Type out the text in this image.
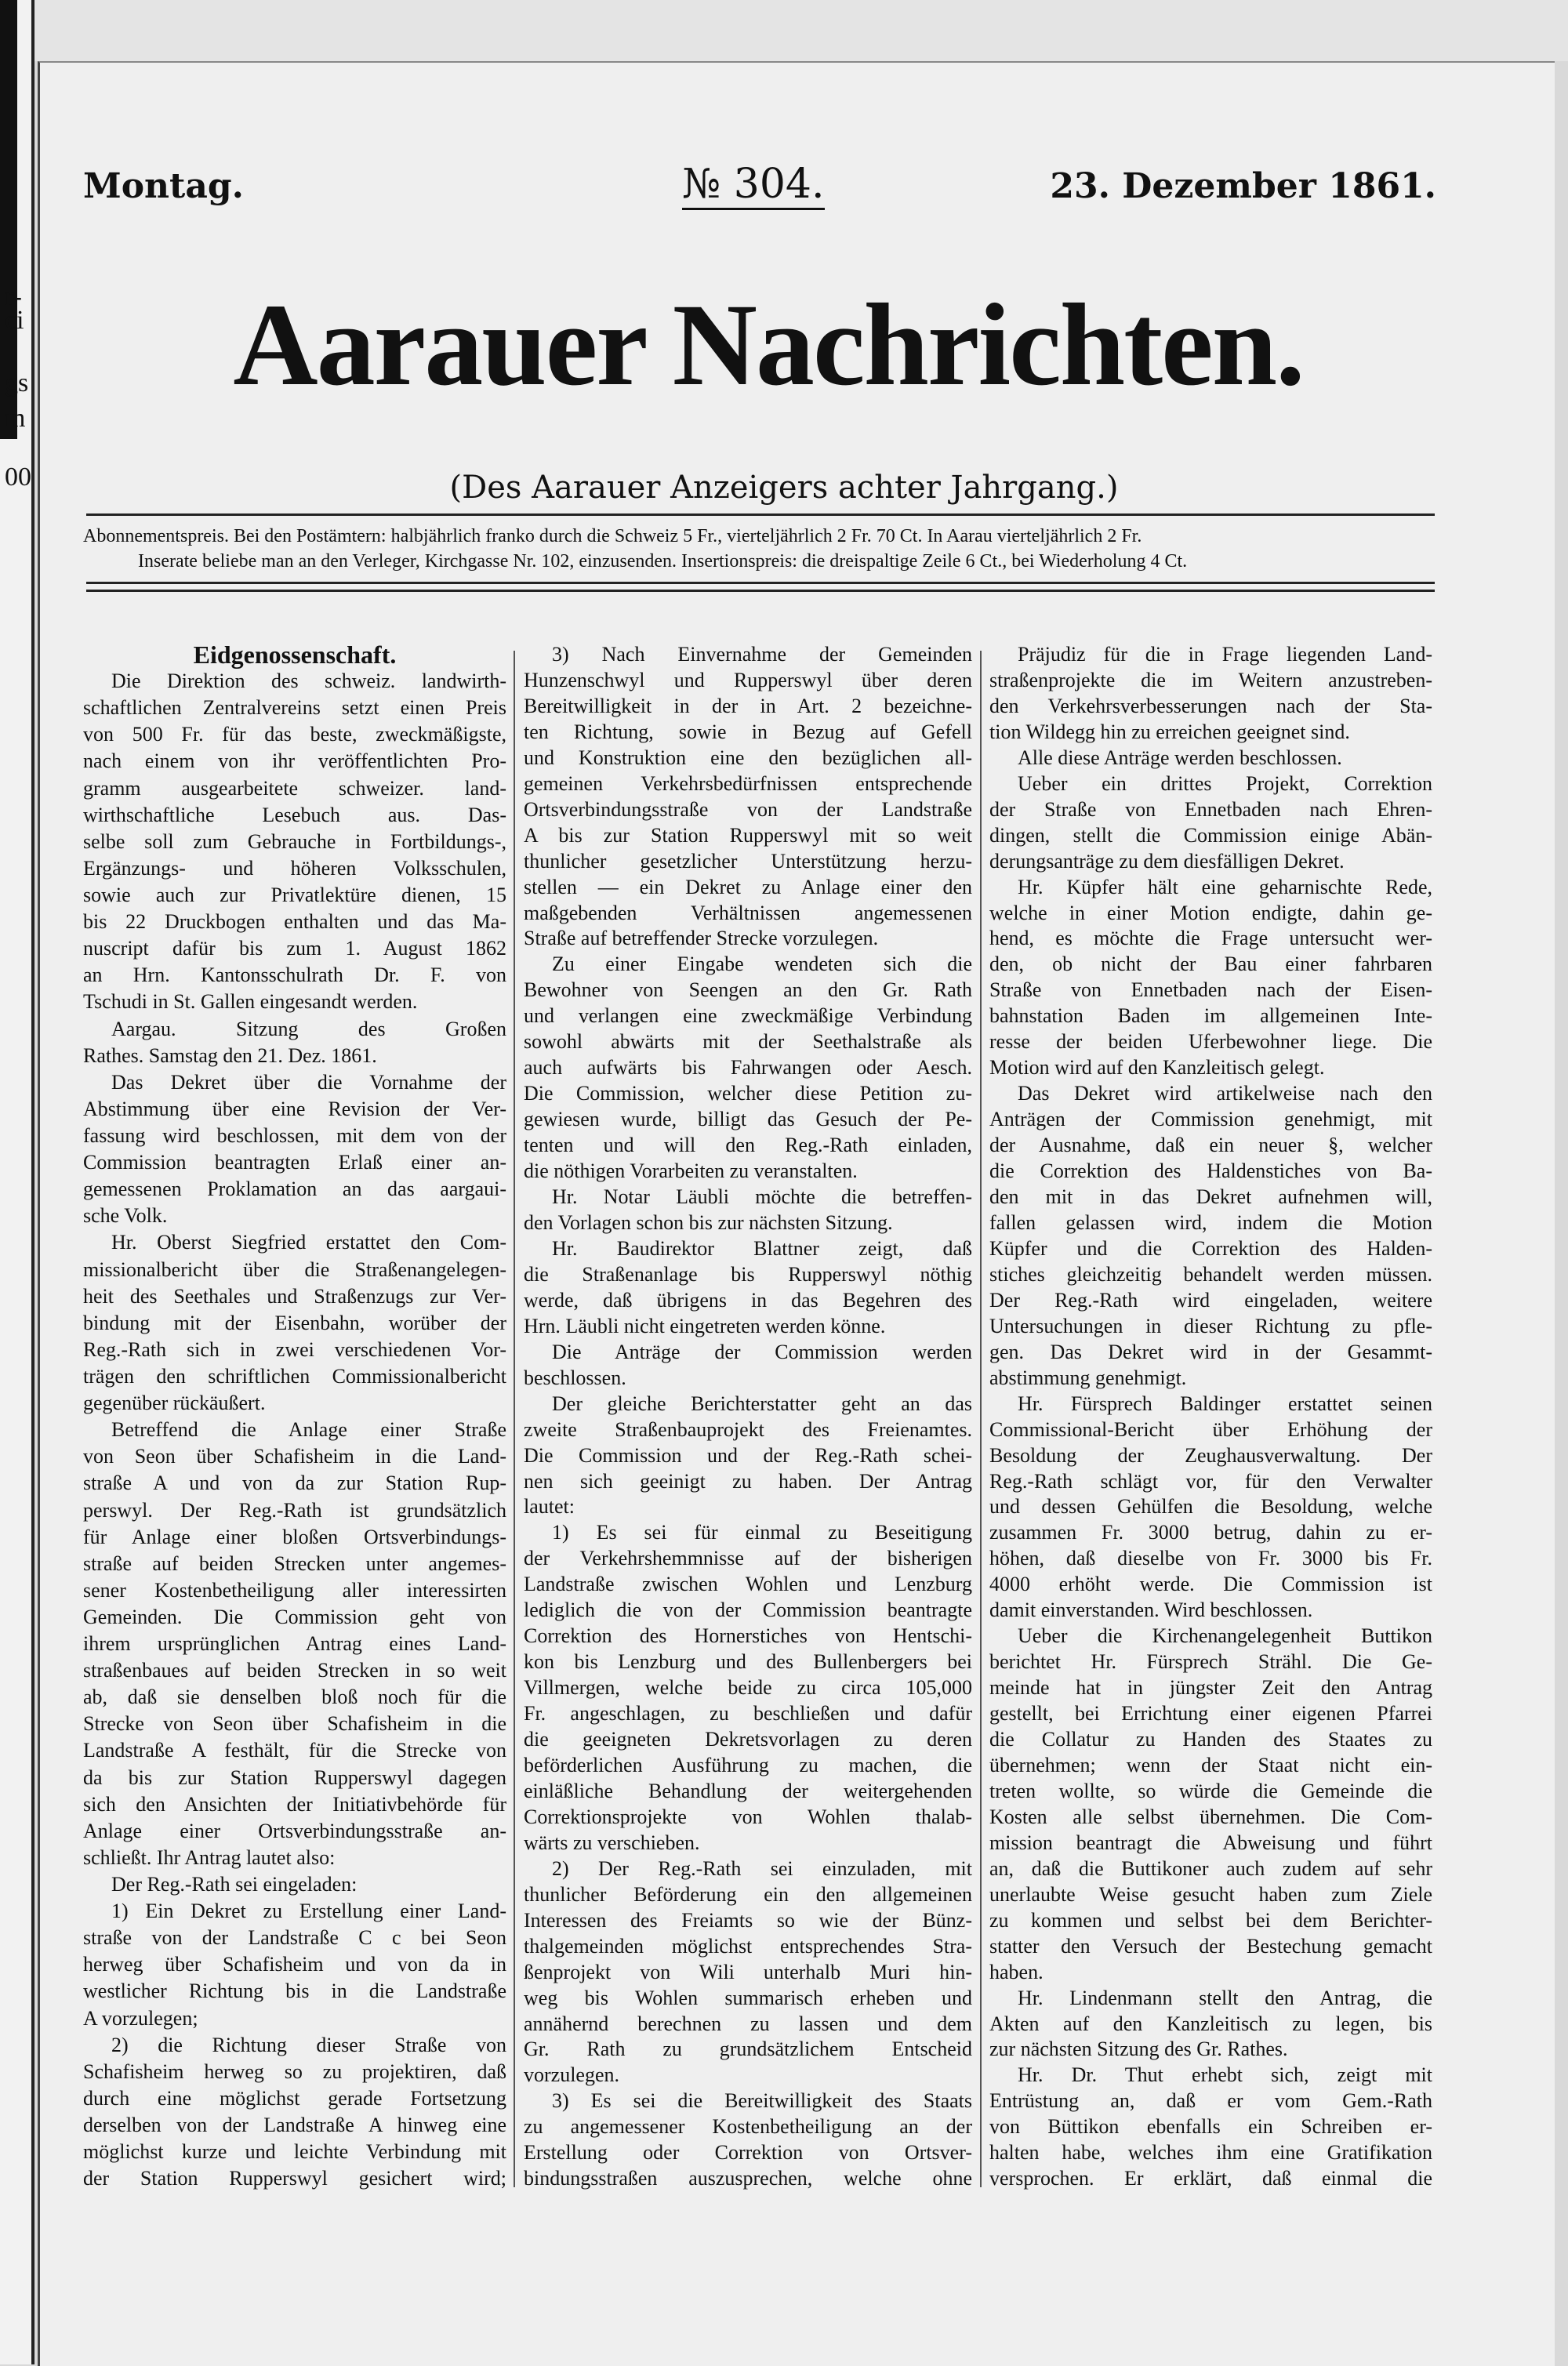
r-
ei
gs
m
00
Montag.	№ 304.	23. Dezember 1861.
Aarauer Nachrichten.
(Des Aarauer Anzeigers achter Jahrgang.)
Abonnementspreis. Bei den Postämtern: halbjährlich franko durch die Schweiz 5 Fr., vierteljährlich 2 Fr. 70 Ct. In Aarau vierteljährlich 2 Fr.
Inserate beliebe man an den Verleger, Kirchgasse Nr. 102, einzusenden. Insertionspreis: die dreispaltige Zeile 6 Ct., bei Wiederholung 4 Ct.
Eidgenossenschaft.
Die Direktion des schweiz. landwirth-
schaftlichen Zentralvereins setzt einen Preis
von 500 Fr. für das beste, zweckmäßigste,
nach einem von ihr veröffentlichten Pro-
gramm ausgearbeitete schweizer. land-
wirthschaftliche Lesebuch aus. Das-
selbe soll zum Gebrauche in Fortbildungs-,
Ergänzungs- und höheren Volksschulen,
sowie auch zur Privatlektüre dienen, 15
bis 22 Druckbogen enthalten und das Ma-
nuscript dafür bis zum 1. August 1862
an Hrn. Kantonsschulrath Dr. F. von
Tschudi in St. Gallen eingesandt werden.
Aargau. Sitzung des Großen
Rathes. Samstag den 21. Dez. 1861.
Das Dekret über die Vornahme der
Abstimmung über eine Revision der Ver-
fassung wird beschlossen, mit dem von der
Commission beantragten Erlaß einer an-
gemessenen Proklamation an das aargaui-
sche Volk.
Hr. Oberst Siegfried erstattet den Com-
missionalbericht über die Straßenangelegen-
heit des Seethales und Straßenzugs zur Ver-
bindung mit der Eisenbahn, worüber der
Reg.-Rath sich in zwei verschiedenen Vor-
trägen den schriftlichen Commissionalbericht
gegenüber rückäußert.
Betreffend die Anlage einer Straße
von Seon über Schafisheim in die Land-
straße A und von da zur Station Rup-
perswyl. Der Reg.-Rath ist grundsätzlich
für Anlage einer bloßen Ortsverbindungs-
straße auf beiden Strecken unter angemes-
sener Kostenbetheiligung aller interessirten
Gemeinden. Die Commission geht von
ihrem ursprünglichen Antrag eines Land-
straßenbaues auf beiden Strecken in so weit
ab, daß sie denselben bloß noch für die
Strecke von Seon über Schafisheim in die
Landstraße A festhält, für die Strecke von
da bis zur Station Rupperswyl dagegen
sich den Ansichten der Initiativbehörde für
Anlage einer Ortsverbindungsstraße an-
schließt. Ihr Antrag lautet also:
Der Reg.-Rath sei eingeladen:
1) Ein Dekret zu Erstellung einer Land-
straße von der Landstraße C c bei Seon
herweg über Schafisheim und von da in
westlicher Richtung bis in die Landstraße
A vorzulegen;
2) die Richtung dieser Straße von
Schafisheim herweg so zu projektiren, daß
durch eine möglichst gerade Fortsetzung
derselben von der Landstraße A hinweg eine
möglichst kurze und leichte Verbindung mit
der Station Rupperswyl gesichert wird;
3) Nach Einvernahme der Gemeinden
Hunzenschwyl und Rupperswyl über deren
Bereitwilligkeit in der in Art. 2 bezeichne-
ten Richtung, sowie in Bezug auf Gefell
und Konstruktion eine den bezüglichen all-
gemeinen Verkehrsbedürfnissen entsprechende
Ortsverbindungsstraße von der Landstraße
A bis zur Station Rupperswyl mit so weit
thunlicher gesetzlicher Unterstützung herzu-
stellen — ein Dekret zu Anlage einer den
maßgebenden Verhältnissen angemessenen
Straße auf betreffender Strecke vorzulegen.
Zu einer Eingabe wendeten sich die
Bewohner von Seengen an den Gr. Rath
und verlangen eine zweckmäßige Verbindung
sowohl abwärts mit der Seethalstraße als
auch aufwärts bis Fahrwangen oder Aesch.
Die Commission, welcher diese Petition zu-
gewiesen wurde, billigt das Gesuch der Pe-
tenten und will den Reg.-Rath einladen,
die nöthigen Vorarbeiten zu veranstalten.
Hr. Notar Läubli möchte die betreffen-
den Vorlagen schon bis zur nächsten Sitzung.
Hr. Baudirektor Blattner zeigt, daß
die Straßenanlage bis Rupperswyl nöthig
werde, daß übrigens in das Begehren des
Hrn. Läubli nicht eingetreten werden könne.
Die Anträge der Commission werden
beschlossen.
Der gleiche Berichterstatter geht an das
zweite Straßenbauprojekt des Freienamtes.
Die Commission und der Reg.-Rath schei-
nen sich geeinigt zu haben. Der Antrag
lautet:
1) Es sei für einmal zu Beseitigung
der Verkehrshemmnisse auf der bisherigen
Landstraße zwischen Wohlen und Lenzburg
lediglich die von der Commission beantragte
Correktion des Hornerstiches von Hentschi-
kon bis Lenzburg und des Bullenbergers bei
Villmergen, welche beide zu circa 105,000
Fr. angeschlagen, zu beschließen und dafür
die geeigneten Dekretsvorlagen zu deren
beförderlichen Ausführung zu machen, die
einläßliche Behandlung der weitergehenden
Correktionsprojekte von Wohlen thalab-
wärts zu verschieben.
2) Der Reg.-Rath sei einzuladen, mit
thunlicher Beförderung ein den allgemeinen
Interessen des Freiamts so wie der Bünz-
thalgemeinden möglichst entsprechendes Stra-
ßenprojekt von Wili unterhalb Muri hin-
weg bis Wohlen summarisch erheben und
annähernd berechnen zu lassen und dem
Gr. Rath zu grundsätzlichem Entscheid
vorzulegen.
3) Es sei die Bereitwilligkeit des Staats
zu angemessener Kostenbetheiligung an der
Erstellung oder Correktion von Ortsver-
bindungsstraßen auszusprechen, welche ohne
Präjudiz für die in Frage liegenden Land-
straßenprojekte die im Weitern anzustreben-
den Verkehrsverbesserungen nach der Sta-
tion Wildegg hin zu erreichen geeignet sind.
Alle diese Anträge werden beschlossen.
Ueber ein drittes Projekt, Correktion
der Straße von Ennetbaden nach Ehren-
dingen, stellt die Commission einige Abän-
derungsanträge zu dem diesfälligen Dekret.
Hr. Küpfer hält eine geharnischte Rede,
welche in einer Motion endigte, dahin ge-
hend, es möchte die Frage untersucht wer-
den, ob nicht der Bau einer fahrbaren
Straße von Ennetbaden nach der Eisen-
bahnstation Baden im allgemeinen Inte-
resse der beiden Uferbewohner liege. Die
Motion wird auf den Kanzleitisch gelegt.
Das Dekret wird artikelweise nach den
Anträgen der Commission genehmigt, mit
der Ausnahme, daß ein neuer §, welcher
die Correktion des Haldenstiches von Ba-
den mit in das Dekret aufnehmen will,
fallen gelassen wird, indem die Motion
Küpfer und die Correktion des Halden-
stiches gleichzeitig behandelt werden müssen.
Der Reg.-Rath wird eingeladen, weitere
Untersuchungen in dieser Richtung zu pfle-
gen. Das Dekret wird in der Gesammt-
abstimmung genehmigt.
Hr. Fürsprech Baldinger erstattet seinen
Commissional-Bericht über Erhöhung der
Besoldung der Zeughausverwaltung. Der
Reg.-Rath schlägt vor, für den Verwalter
und dessen Gehülfen die Besoldung, welche
zusammen Fr. 3000 betrug, dahin zu er-
höhen, daß dieselbe von Fr. 3000 bis Fr.
4000 erhöht werde. Die Commission ist
damit einverstanden. Wird beschlossen.
Ueber die Kirchenangelegenheit Buttikon
berichtet Hr. Fürsprech Strähl. Die Ge-
meinde hat in jüngster Zeit den Antrag
gestellt, bei Errichtung einer eigenen Pfarrei
die Collatur zu Handen des Staates zu
übernehmen; wenn der Staat nicht ein-
treten wollte, so würde die Gemeinde die
Kosten alle selbst übernehmen. Die Com-
mission beantragt die Abweisung und führt
an, daß die Buttikoner auch zudem auf sehr
unerlaubte Weise gesucht haben zum Ziele
zu kommen und selbst bei dem Berichter-
statter den Versuch der Bestechung gemacht
haben.
Hr. Lindenmann stellt den Antrag, die
Akten auf den Kanzleitisch zu legen, bis
zur nächsten Sitzung des Gr. Rathes.
Hr. Dr. Thut erhebt sich, zeigt mit
Entrüstung an, daß er vom Gem.-Rath
von Büttikon ebenfalls ein Schreiben er-
halten habe, welches ihm eine Gratifikation
versprochen. Er erklärt, daß einmal die
